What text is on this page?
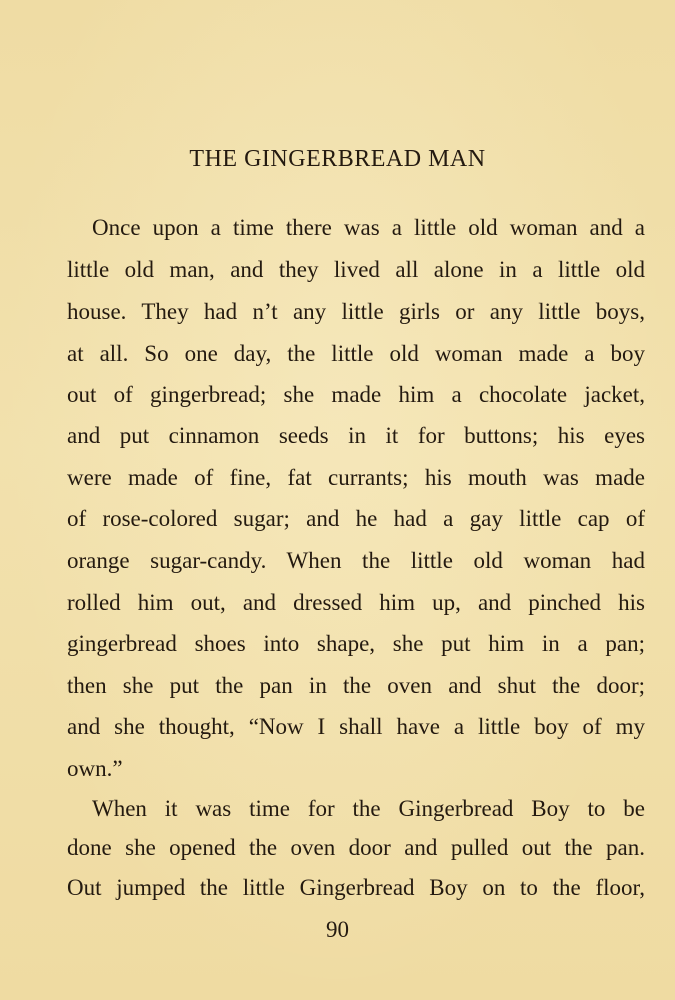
THE GINGERBREAD MAN

Once upon a time there was a little old woman and a

little old man, and they lived all alone in a little old

house. They had n’t any little girls or any little boys,

at all. So one day, the little old woman made a boy

out of gingerbread; she made him a chocolate jacket,

and put cinnamon seeds in it for buttons; his eyes

were made of fine, fat currants; his mouth was made

of rose-colored sugar; and he had a gay little cap of

orange sugar-candy. When the little old woman had

rolled him out, and dressed him up, and pinched his

gingerbread shoes into shape, she put him in a pan;

then she put the pan in the oven and shut the door;

and she thought, “Now I shall have a little boy of my

own.”

When it was time for the Gingerbread Boy to be

done she opened the oven door and pulled out the pan.

Out jumped the little Gingerbread Boy on to the floor,

90
